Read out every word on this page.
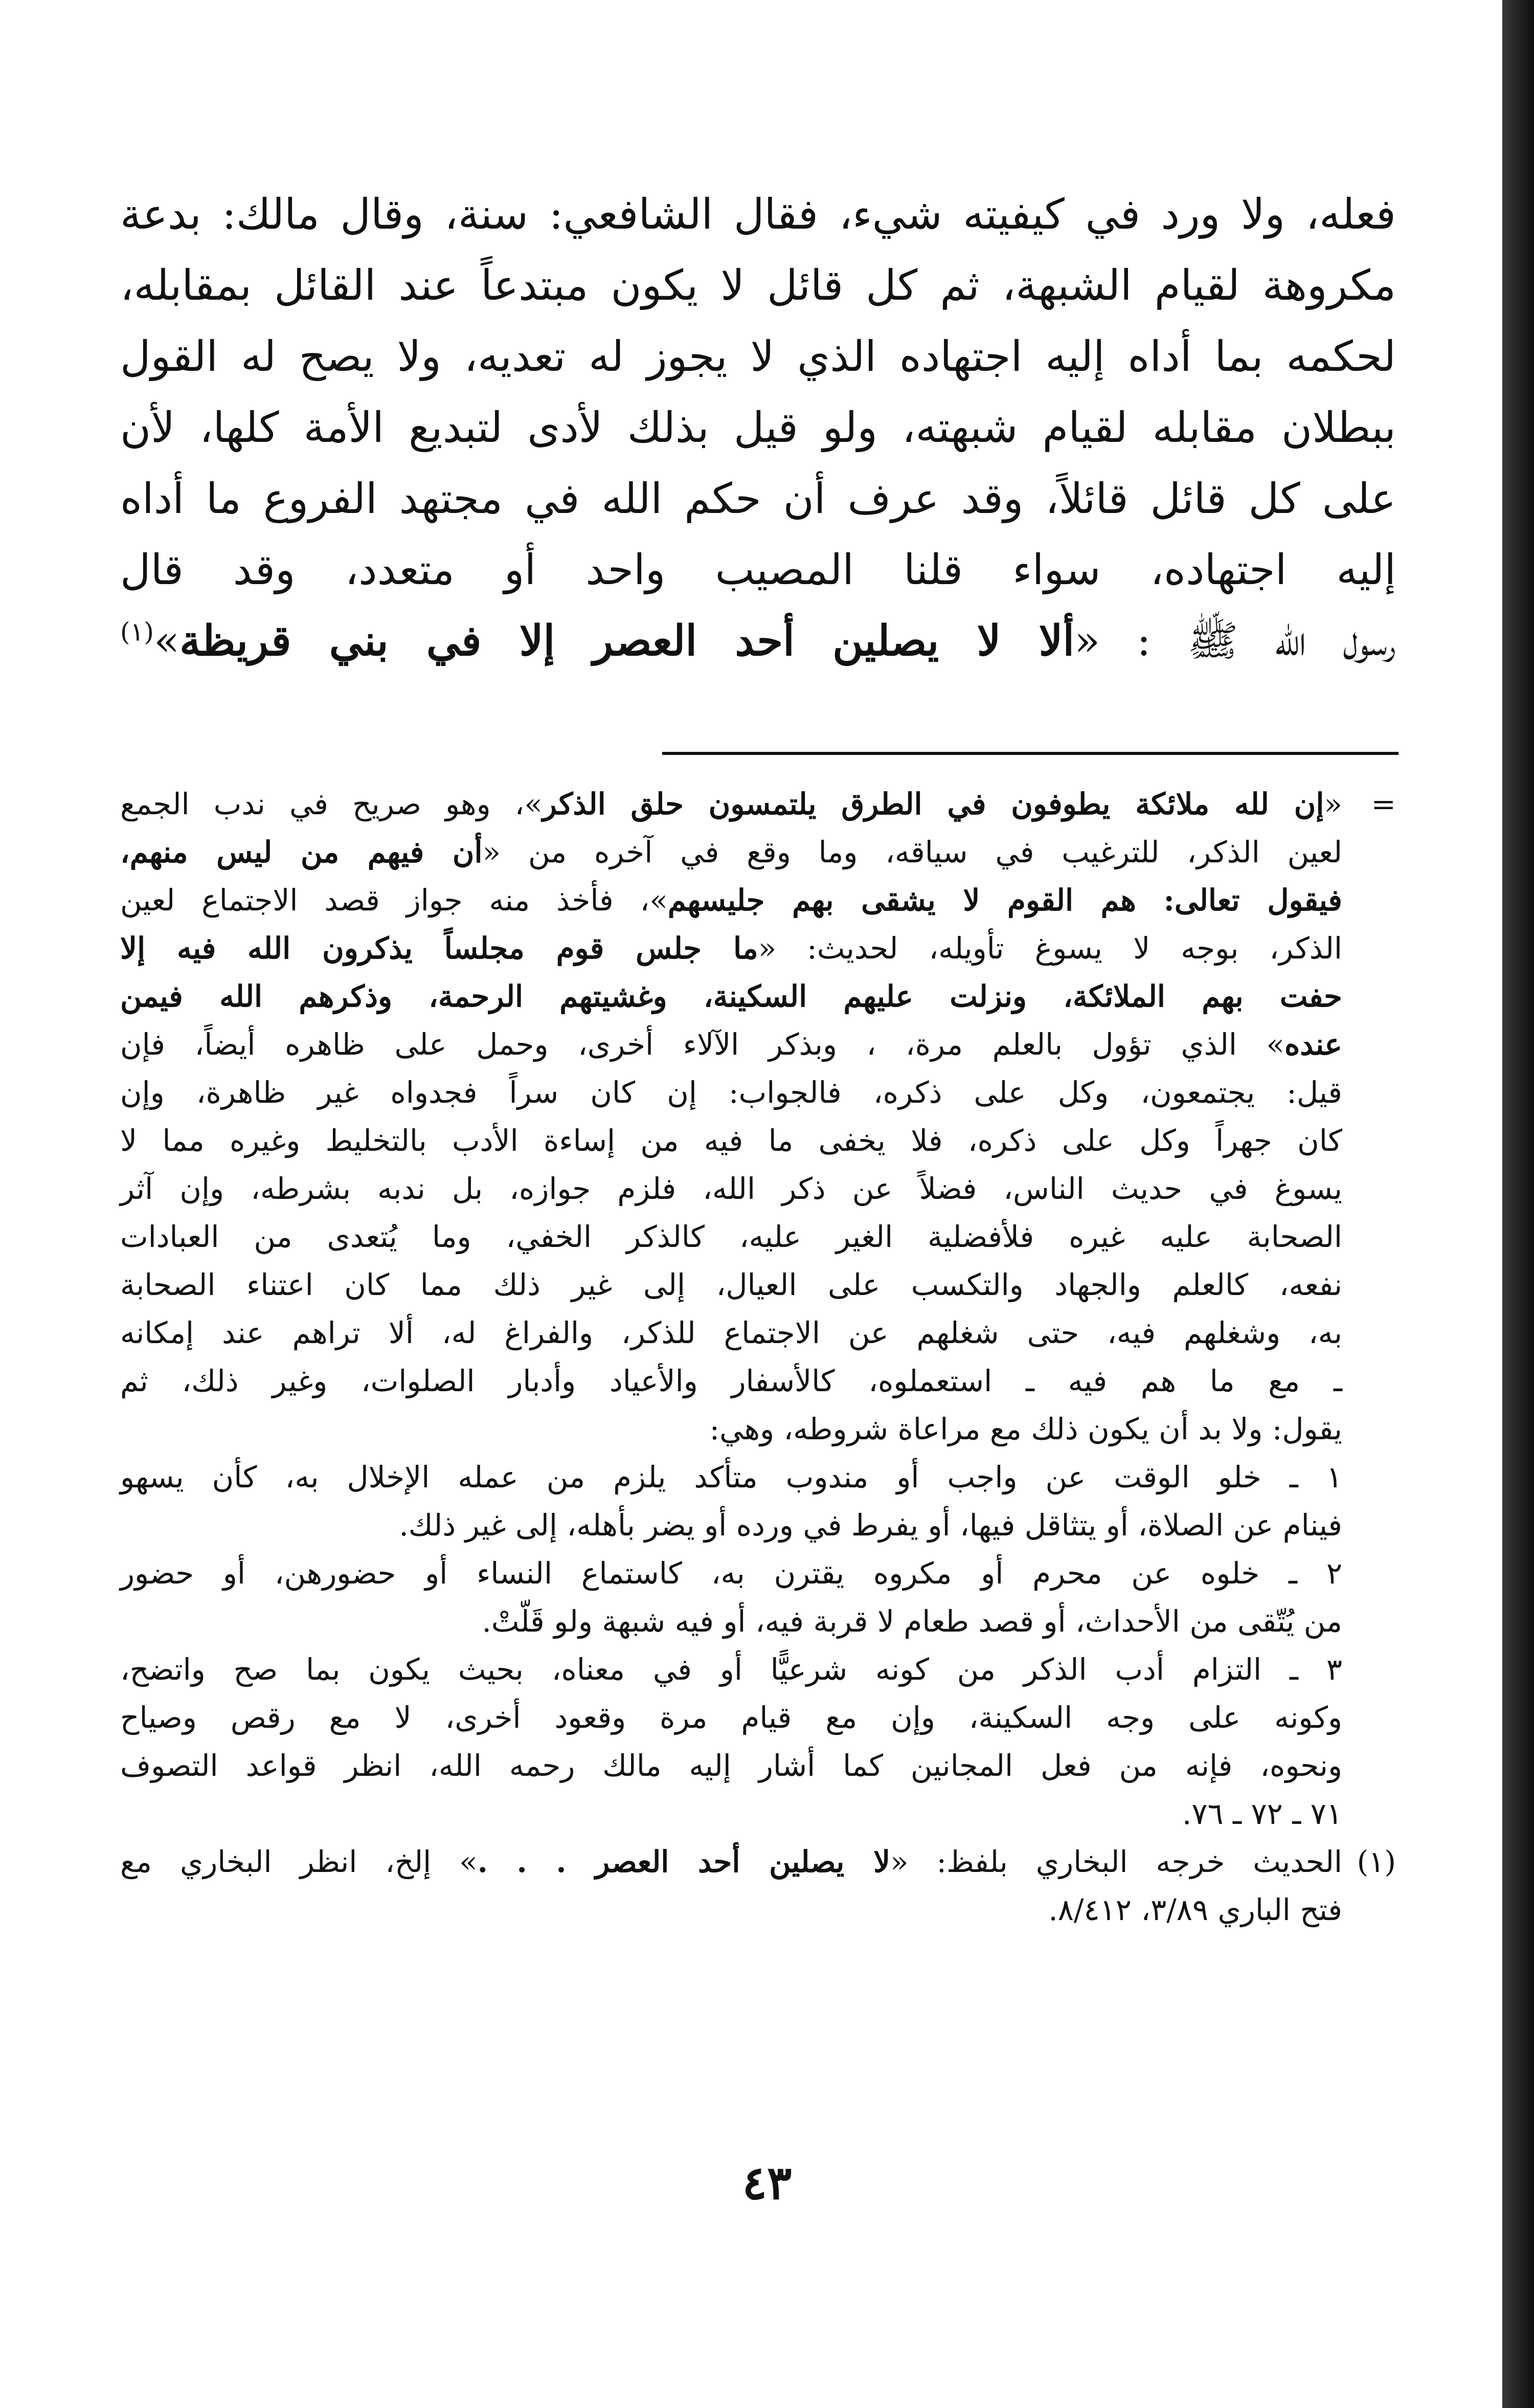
فعله، ولا ورد في كيفيته شيء، فقال الشافعي: سنة، وقال مالك: بدعة
مكروهة لقيام الشبهة، ثم كل قائل لا يكون مبتدعاً عند القائل بمقابله،
لحكمه بما أداه إليه اجتهاده الذي لا يجوز له تعديه، ولا يصح له القول
ببطلان مقابله لقيام شبهته، ولو قيل بذلك لأدى لتبديع الأمة كلها، لأن
على كل قائل قائلاً، وقد عرف أن حكم الله في مجتهد الفروع ما أداه
إليه اجتهاده، سواء قلنا المصيب واحد أو متعدد، وقد قال
رسول الله ﷺ : «ألا لا يصلين أحد العصر إلا في بني قريظة»$^{(١)}$
=
«إن لله ملائكة يطوفون في الطرق يلتمسون حلق الذكر»، وهو صريح في ندب الجمع
لعين الذكر، للترغيب في سياقه، وما وقع في آخره من «أن فيهم من ليس منهم،
فيقول تعالى: هم القوم لا يشقى بهم جليسهم»، فأخذ منه جواز قصد الاجتماع لعين
الذكر، بوجه لا يسوغ تأويله، لحديث: «ما جلس قوم مجلساً يذكرون الله فيه إلا
حفت بهم الملائكة، ونزلت عليهم السكينة، وغشيتهم الرحمة، وذكرهم الله فيمن
عنده» الذي تؤول بالعلم مرة، ، وبذكر الآلاء أخرى، وحمل على ظاهره أيضاً، فإن
قيل: يجتمعون، وكل على ذكره، فالجواب: إن كان سراً فجدواه غير ظاهرة، وإن
كان جهراً وكل على ذكره، فلا يخفى ما فيه من إساءة الأدب بالتخليط وغيره مما لا
يسوغ في حديث الناس، فضلاً عن ذكر الله، فلزم جوازه، بل ندبه بشرطه، وإن آثر
الصحابة عليه غيره فلأفضلية الغير عليه، كالذكر الخفي، وما يُتعدى من العبادات
نفعه، كالعلم والجهاد والتكسب على العيال، إلى غير ذلك مما كان اعتناء الصحابة
به، وشغلهم فيه، حتى شغلهم عن الاجتماع للذكر، والفراغ له، ألا تراهم عند إمكانه
ـ مع ما هم فيه ـ استعملوه، كالأسفار والأعياد وأدبار الصلوات، وغير ذلك، ثم
يقول: ولا بد أن يكون ذلك مع مراعاة شروطه، وهي:
١ ـ خلو الوقت عن واجب أو مندوب متأكد يلزم من عمله الإخلال به، كأن يسهو
فينام عن الصلاة، أو يتثاقل فيها، أو يفرط في ورده أو يضر بأهله، إلى غير ذلك.
٢ ـ خلوه عن محرم أو مكروه يقترن به، كاستماع النساء أو حضورهن، أو حضور
من يُتّقى من الأحداث، أو قصد طعام لا قربة فيه، أو فيه شبهة ولو قَلّتْ.
٣ ـ التزام أدب الذكر من كونه شرعيًّا أو في معناه، بحيث يكون بما صح واتضح،
وكونه على وجه السكينة، وإن مع قيام مرة وقعود أخرى، لا مع رقص وصياح
ونحوه، فإنه من فعل المجانين كما أشار إليه مالك رحمه الله، انظر قواعد التصوف
٧١ ـ ٧٢ ـ ٧٦.
(١)
الحديث خرجه البخاري بلفظ: «لا يصلين أحد العصر . . .» إلخ، انظر البخاري مع
فتح الباري ٣/٨٩، ٨/٤١٢.
٤٣
